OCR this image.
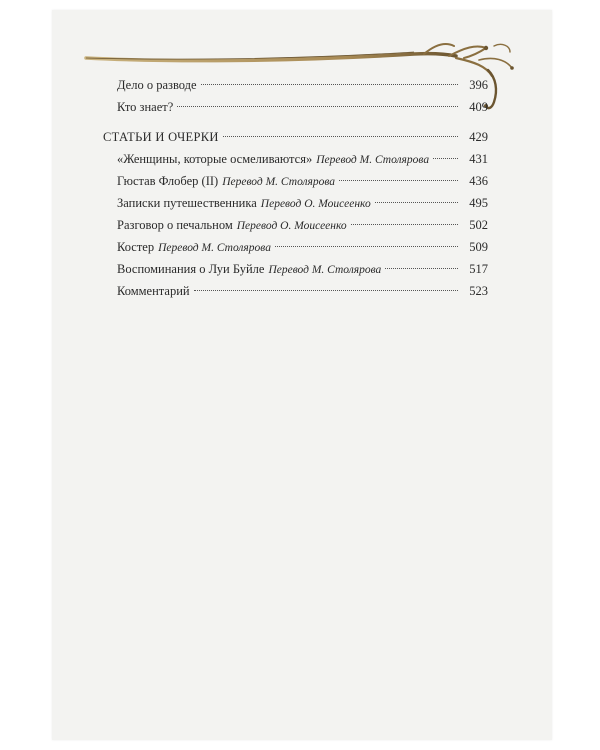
Дело о разводе	396
Кто знает?	409
СТАТЬИ И ОЧЕРКИ	429
«Женщины, которые осмеливаются» Перевод М. Столярова	431
Гюстав Флобер (II) Перевод М. Столярова	436
Записки путешественника Перевод О. Моисеенко	495
Разговор о печальном Перевод О. Моисеенко	502
Костер Перевод М. Столярова	509
Воспоминания о Луи Буйле Перевод М. Столярова	517
Комментарий	523
